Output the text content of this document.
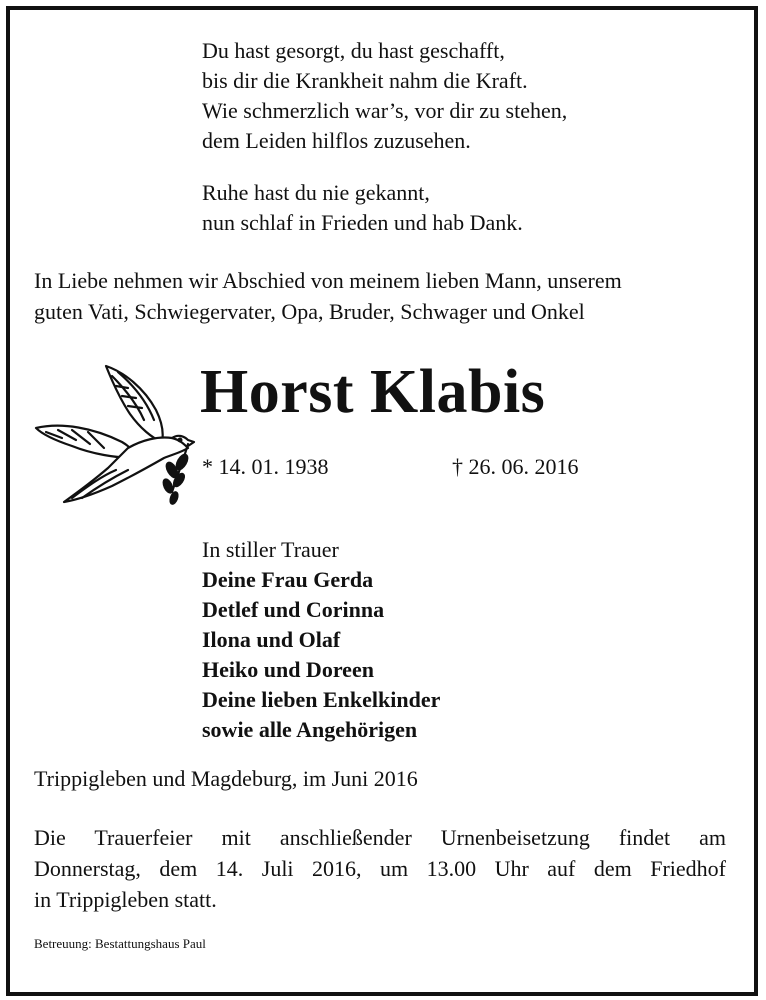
Du hast gesorgt, du hast geschafft,
bis dir die Krankheit nahm die Kraft.
Wie schmerzlich war’s, vor dir zu stehen,
dem Leiden hilflos zuzusehen.
Ruhe hast du nie gekannt,
nun schlaf in Frieden und hab Dank.
In Liebe nehmen wir Abschied von meinem lieben Mann, unserem
guten Vati, Schwiegervater, Opa, Bruder, Schwager und Onkel
Horst Klabis
* 14. 01. 1938	† 26. 06. 2016
In stiller Trauer
Deine Frau Gerda
Detlef und Corinna
Ilona und Olaf
Heiko und Doreen
Deine lieben Enkelkinder
sowie alle Angehörigen
Trippigleben und Magdeburg, im Juni 2016
Die Trauerfeier mit anschließender Urnenbeisetzung findet am
Donnerstag, dem 14. Juli 2016, um 13.00 Uhr auf dem Friedhof
in Trippigleben statt.
Betreuung: Bestattungshaus Paul
